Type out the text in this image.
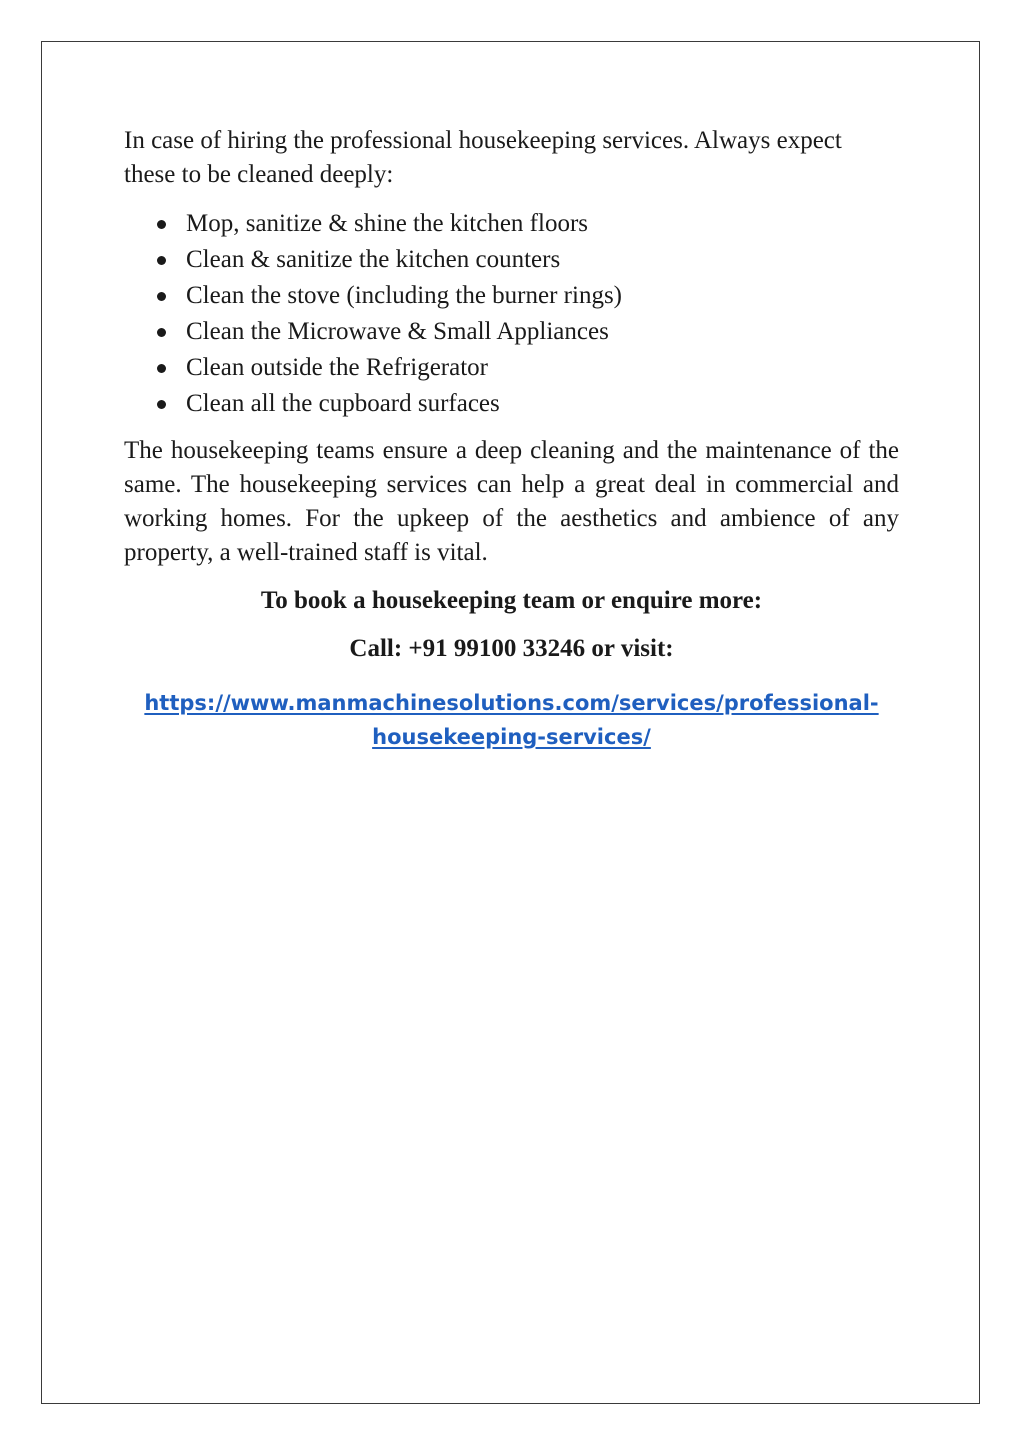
In case of hiring the professional housekeeping services. Always expect these to be cleaned deeply:

Mop, sanitize & shine the kitchen floors
Clean & sanitize the kitchen counters
Clean the stove (including the burner rings)
Clean the Microwave & Small Appliances
Clean outside the Refrigerator
Clean all the cupboard surfaces

The housekeeping teams ensure a deep cleaning and the maintenance of the same. The housekeeping services can help a great deal in commercial and working homes. For the upkeep of the aesthetics and ambience of any property, a well-trained staff is vital.

To book a housekeeping team or enquire more:

Call: +91 99100 33246 or visit:

https://www.manmachinesolutions.com/services/professional-
housekeeping-services/
